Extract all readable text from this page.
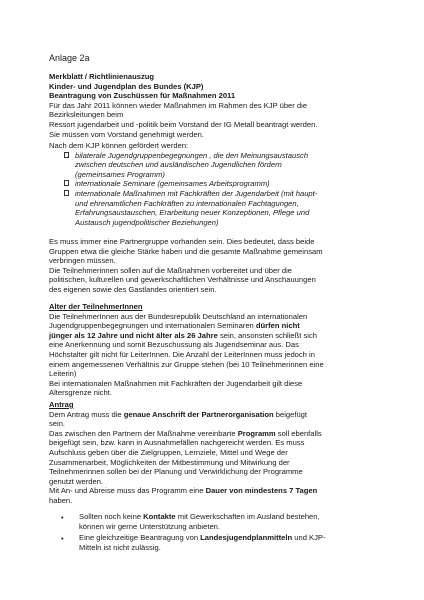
Anlage 2a

Merkblatt / Richtlinienauszug

Kinder- und Jugendplan des Bundes (KJP)

Beantragung von Zuschüssen für Maßnahmen 2011

Für das Jahr 2011 können wieder Maßnahmen im Rahmen des KJP über die

Bezirksleitungen beim

Ressort jugendarbeit und -politik beim Vorstand der IG Metall beantragt werden.

Sie müssen vom Vorstand genehmigt werden.

Nach dem KJP können gefördert werden:

bilaterale Jugendgruppenbegegnungen , die den Meinungsaustausch

zwischen deutschen und ausländischen Jugendlichen fördern

(gemeinsames Programm)

internationale Seminare (gemeinsames Arbeitsprogramm)

internationale Maßnahmen mit Fachkräften der Jugendarbeit (mit haupt-

und ehrenamtlichen Fachkräften zu internationalen Fachtagungen,

Erfahrungsaustauschen, Erarbeitung neuer Konzeptionen, Pflege und

Austausch jugendpolitischer Beziehungen)

Es muss immer eine Partnergruppe vorhanden sein. Dies bedeutet, dass beide

Gruppen etwa die gleiche Stärke haben und die gesamte Maßnahme gemeinsam

verbringen müssen.

Die Teilnehmerinnen sollen auf die Maßnahmen vorbereitet und über die

politischen, kulturellen und gewerkschaftlichen Verhältnisse und Anschauungen

des eigenen sowie des Gastlandes orientiert sein.

Alter der TeilnehmerInnen

Die TeilnehmerInnen aus der Bundesrepublik Deutschland an internationalen

Jugendgruppenbegegnungen und internationalen Seminaren dürfen nicht

jünger als 12 Jahre und nicht älter als 26 Jahre sein, ansonsten schließt sich

eine Anerkennung und somit Bezuschussung als Jugendseminar aus. Das

Höchstalter gilt nicht für LeiterInnen. Die Anzahl der LeiterInnen muss jedoch in

einem angemessenen Verhältnis zur Gruppe stehen (bei 10 Teilnehmerinnen eine

Leiterin)

Bei internationalen Maßnahmen mit Fachkräften der Jugendarbeit gilt diese

Altersgrenze nicht.

Antrag

Dem Antrag muss die genaue Anschrift der Partnerorganisation beigefügt

sein.

Das zwischen den Partnern der Maßnahme vereinbarte Programm soll ebenfalls

beigefügt sein, bzw. kann in Ausnahmefällen nachgereicht werden. Es muss

Aufschluss geben über die Zielgruppen, Lernziele, Mittel und Wege der

Zusammenarbeit, Möglichkeiten der Mitbestimmung und Mitwirkung der

Teilnehmerinnen sollen bei der Planung und Verwirklichung der Programme

genutzt werden.

Mit An- und Abreise muss das Programm eine Dauer von mindestens 7 Tagen

haben.

• Sollten noch keine Kontakte mit Gewerkschaften im Ausland bestehen,

können wir gerne Unterstützung anbieten.

• Eine gleichzeitige Beantragung von Landesjugendplanmitteln und KJP-

Mitteln ist nicht zulässig.
